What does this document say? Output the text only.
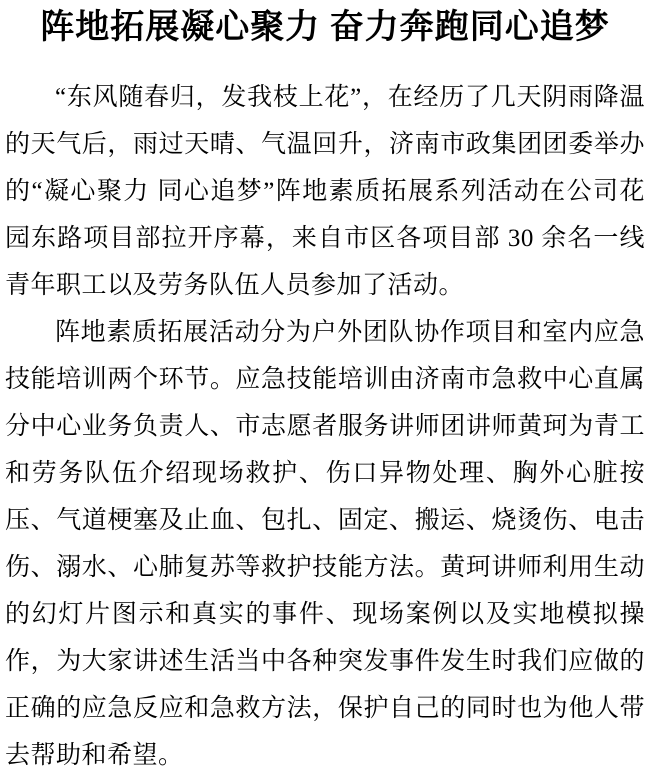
阵地拓展凝心聚力 奋力奔跑同心追梦

“东风随春归，发我枝上花”，在经历了几天阴雨降温的天气后，雨过天晴、气温回升，济南市政集团团委举办的“凝心聚力 同心追梦”阵地素质拓展系列活动在公司花园东路项目部拉开序幕，来自市区各项目部 30 余名一线青年职工以及劳务队伍人员参加了活动。

阵地素质拓展活动分为户外团队协作项目和室内应急技能培训两个环节。应急技能培训由济南市急救中心直属分中心业务负责人、市志愿者服务讲师团讲师黄珂为青工和劳务队伍介绍现场救护、伤口异物处理、胸外心脏按压、气道梗塞及止血、包扎、固定、搬运、烧烫伤、电击伤、溺水、心肺复苏等救护技能方法。黄珂讲师利用生动的幻灯片图示和真实的事件、现场案例以及实地模拟操作，为大家讲述生活当中各种突发事件发生时我们应做的正确的应急反应和急救方法，保护自己的同时也为他人带去帮助和希望。
